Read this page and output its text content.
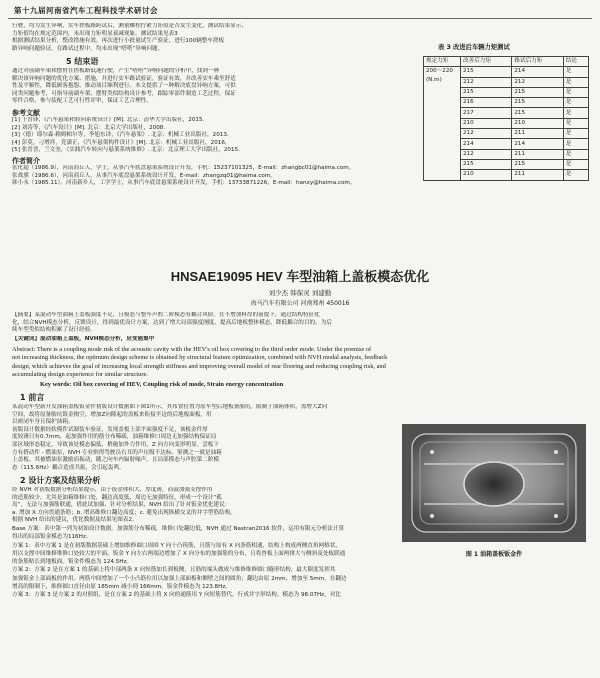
第十九届河南省汽车工程科技学术研讨会
行驶，均为发生异响，实车搓板路跨试后，测量螺栓拧紧力矩值是否发生变化，测试结果显示，
力矩值均在规定范围内，未出现力矩明显衰减现象。测试结果见表3
根据测试结果分析，整改措施有效。再次进行小批量试生产验证，进行100辆整车搓板
路异响问题验证，在路试过程中，均未出现“嗒嗒”异响问题。
5 结束语
通过对前副车架和摆臂在搓板路低速行驶，产生“嗒嗒”异响问题的分析中，找到一种
解决该异响问题的优化方案、措施，并进行实车路试验证，验证有效，并改善实车乘坐舒适
性及平顺性，降低顾客抱怨，推动项目顺利进行。本文提供了一种解决底盘异响方案，可供
同类问题参考，可指导前副车架、摆臂类似结构设计参考，跟踪零部件制造工艺过程，保证
零件合格，参与装配工艺可行性评审，保证工艺合理性。
参考文献
[1] 于晋锋，《汽车悬架和转向系统设计》[M]. 北京：清华大学出版社，2015.
[2] 刘涛等，《汽车设计》[M]. 北京：北京大学出版社，2008.
[3]（德）耶尔森·赖姆帕尔等，李旭东译，《汽车悬架》. 北京：机械工业出版社，2013.
[4] 彭莫，刁增祥，党潇正，《汽车悬架构件设计》[M]. 北京：机械工业出版社，2016.
[5] 张晋晋，兰文奎，《实践汽车转向与悬架系统维修》. 北京：北京理工大学出版社，2015.
作者简介
张化超（1986.9），河南商丘人，学士，从事汽车底盘悬架系统设计开发，手机：15237101325，E-mail：zhangbc01@haima.com。
张战旗（1986.6），河南商丘人，从事汽车底盘悬架系统设计开发，E-mail：zhangzq01@haima.com。
韩小永（1985.11），河南新乡人，工学学士，从事汽车底盘悬架系统设计开发，手机：13733871226，E-mail：hanxy@haima.com。
表 3 改进后车辆力矩测试
规定力矩	改善后力矩	路试后力矩	结论
200～220 (N.m)	215	214	是
	212	212	是
	215	215	是
	216	215	是
	217	215	是
	210	210	是
	212	211	是
	214	214	是
	212	211	是
	215	215	是
	210	211	是
HNSAE19095 HEV 车型油箱上盖板模态优化
刘少杰 韩保灵 刘建勤
海马汽车有限公司 河南郑州 450016
【摘要】某混动车型油箱上盖板强度不足，且模态与整车声腔二阶模态有耦合风险。在不增加料厚的前提下，通过结构特征优
化，结合NVH模态分析，反馈设计，得到最优设计方案，达到了增大局部强度刚度、提高后地板整体模态、降低耦合的目的。为后
续车型类似结构积累了设计经验。
【关键词】混动油箱上盖板，NVH模态分析，应变能集中
Abstract: There is a coupling mode risk of the acoustic cavity with the HEV's oil box covering to the third order mode. Under the premise of
not increasing thickness, the optimum design scheme is obtained by structural feature optimization, combined with NVH modal analysis, feedback
design, which achieves the goal of increasing local strength stiffness and improving overall model of rear flooring and reducing coupling risk, and
accumulating design experience for similar structure.
Key words: Oil box covering of HEV, Coupling risk of mode, Strain energy concentration
1 前言
某混动车型新开发油箱盖板钣金件初版设计数据如下图1所示，其布置位置为原车型后地板备胎坑。限制于油箱体积，需增大Z向
空间，故将原备胎坑钣金掏空，增加Z向隆起的盖板来衔接平这的后地板面板，用
以密闭车身且保护油箱。
初版设计数据经软模件试制装车验证，发现盖板上部平面强度不足，该板金件厚
度较薄只有0.7mm，起加强作用的筋分布稀疏，油箱维修口周边无加强结构保证局
部区域形态稳定，导致该处模态偏低，稍施加外力作用，Z 向方向变形明显。尝板下
方有搭动件 - 燃油泵，NVH 专业则得驾驶员右耳的声压级不达标。鉴测之一就是油箱
上盖板。其被燃油泵激励而振动，随之向车内辐射噪声，且局部模态与声腔第二阶模
态（115.6Hz）耦合造成共振，会引起轰鸣。
2 设计方案及结果分析
经 NVH 对初版数据分析结果提示，由于钣金体积大、厚度薄，而鼓加强支撑作用
的造筋较少，尤其是油箱维修口处，翻边高度低，周边无加强特征，形成一个设计“孤
岛”，无法与加强筋联通，借此试加强，针对分析结果，NVH 给出了针对钣金优化建议：
a. 增加 X 方向贯通条筋；b. 增高维修口翻边高度；c. 避免出现纵横交叉的井字型筋结构。
根据 NVH 给出的建议，优化数据及结果见图表2。
Base 方案：表中第一列为初始设计数据。加强筋分布稀疏，维修口处翻边低，NVH 通过 Nastran2016 软件，运用有限元分析法计算
得出的局部钣金模态为116Hz。
方案 1：表中方案 1 是在初版数据基础上增加维修圆口周围 Y 向十凸筷筋，且筋与原有 X 向条筋相通，结构上构成两侧直角网格状，
用以支撑中间维修堆修口处较大的平面。钣金 Y 向左右两端边增加了 X 向分布的加强筋的分布，且将兽板上面两排大与侧斜及处板联通
的条筋贴长到地板面。钣金件模态为 124.5Hz。
方案 2：方案 2 是在方案 1 的基础上将中部两条 X 向短筋加长到板侧，且筋的端头做成与维修维修圆口隧形结构，最大限度发挥其
加强钣金上部面板的作用。两筋中间增加了一个小凸筋位用以加强上部面板和侧壁之间的圆角；翻边由原 2mm，增加至 5mm。在翻边
增高的限制下，维修圆口直径由原 185mm 减小到 166mm。钣金件模态为 123.8Hz。
方案 3：方案 3 是方案 2 的对照组，是在方案 2 的基础上将 X 向的通筋用 Y 向短筋替代，行成井字形结构。模态为 98.07Hz。对比
图 1 油箱盖板钣金件
